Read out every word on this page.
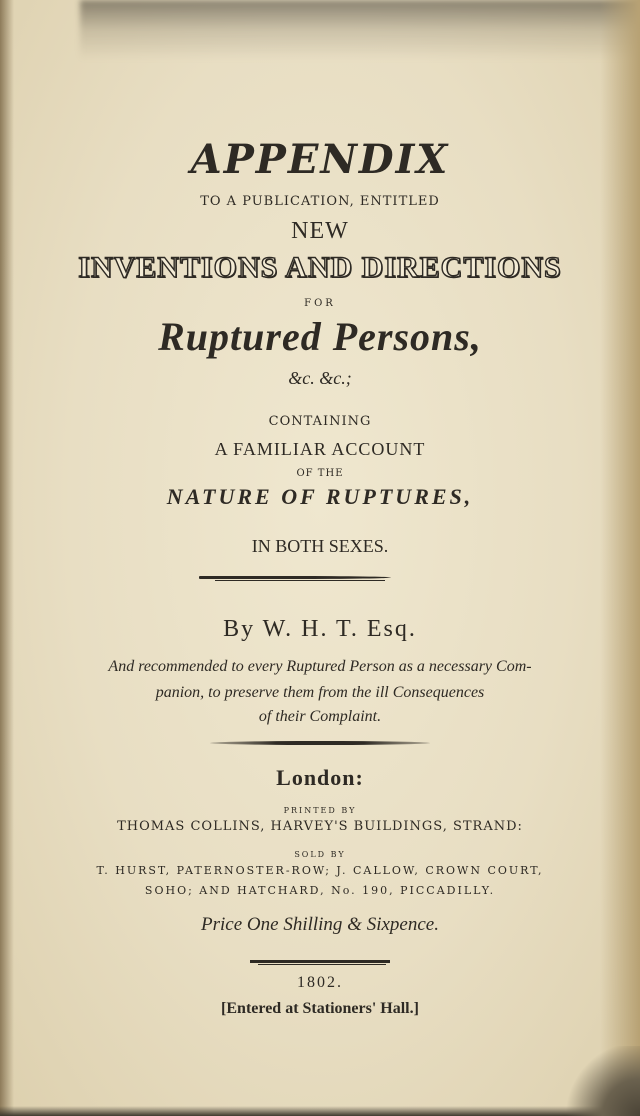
APPENDIX
TO A PUBLICATION, ENTITLED
NEW
INVENTIONS AND DIRECTIONS
FOR
Ruptured Persons,
&c. &c.;
CONTAINING
A FAMILIAR ACCOUNT
OF THE
NATURE OF RUPTURES,
IN BOTH SEXES.
By W. H. T. Esq.
And recommended to every Ruptured Person as a necessary Com-
panion, to preserve them from the ill Consequences
of their Complaint.
London:
PRINTED BY
THOMAS COLLINS, HARVEY'S BUILDINGS, STRAND:
SOLD BY
T. HURST, PATERNOSTER-ROW; J. CALLOW, CROWN COURT,
SOHO; AND HATCHARD, No. 190, PICCADILLY.
Price One Shilling & Sixpence.
1802.
[Entered at Stationers' Hall.]
